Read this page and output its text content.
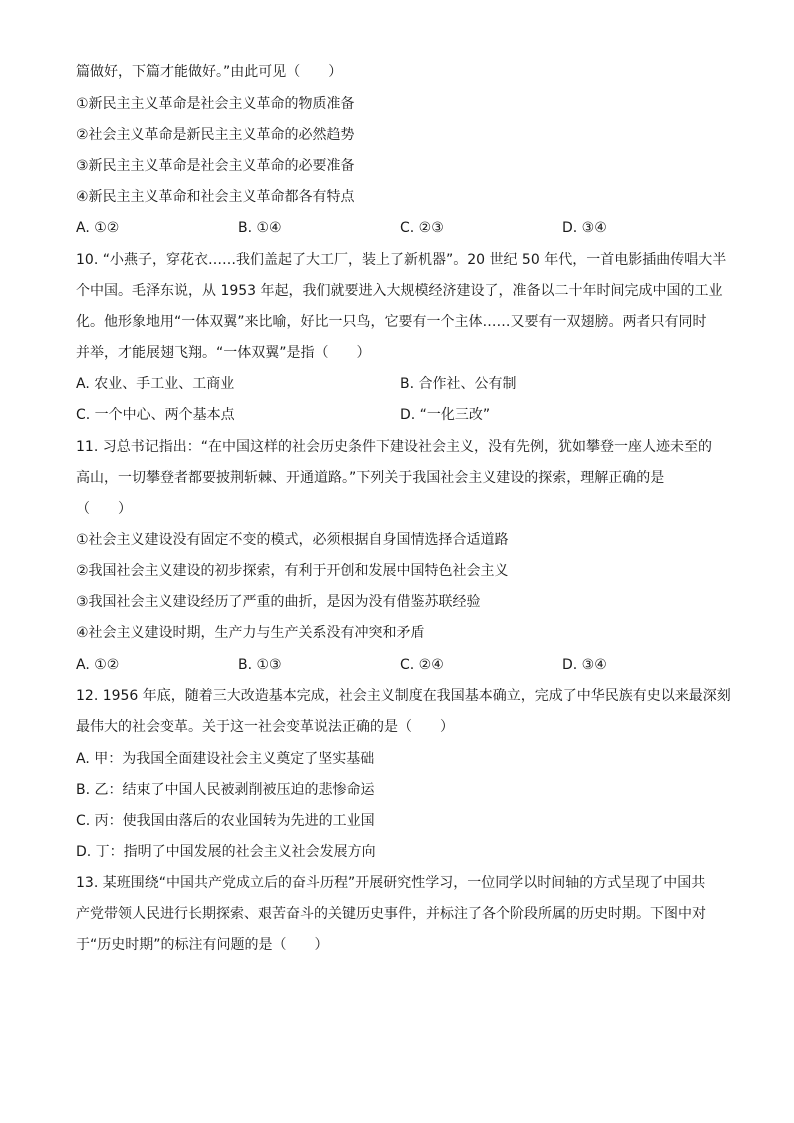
篇做好，下篇才能做好。”由此可见（　　）
①新民主主义革命是社会主义革命的物质准备
②社会主义革命是新民主主义革命的必然趋势
③新民主主义革命是社会主义革命的必要准备
④新民主主义革命和社会主义革命都各有特点
A. ①②	B. ①④	C. ②③	D. ③④
10. “小燕子，穿花衣……我们盖起了大工厂，装上了新机器”。20 世纪 50 年代，一首电影插曲传唱大半
个中国。毛泽东说，从 1953 年起，我们就要进入大规模经济建设了，准备以二十年时间完成中国的工业
化。他形象地用“一体双翼”来比喻，好比一只鸟，它要有一个主体……又要有一双翅膀。两者只有同时
并举，才能展翅飞翔。“一体双翼”是指（　　）
A. 农业、手工业、工商业	B. 合作社、公有制
C. 一个中心、两个基本点	D. “一化三改”
11. 习总书记指出：“在中国这样的社会历史条件下建设社会主义，没有先例，犹如攀登一座人迹未至的
高山，一切攀登者都要披荆斩棘、开通道路。”下列关于我国社会主义建设的探索，理解正确的是
（　　）
①社会主义建设没有固定不变的模式，必须根据自身国情选择合适道路
②我国社会主义建设的初步探索，有利于开创和发展中国特色社会主义
③我国社会主义建设经历了严重的曲折，是因为没有借鉴苏联经验
④社会主义建设时期，生产力与生产关系没有冲突和矛盾
A. ①②	B. ①③	C. ②④	D. ③④
12. 1956 年底，随着三大改造基本完成，社会主义制度在我国基本确立，完成了中华民族有史以来最深刻
最伟大的社会变革。关于这一社会变革说法正确的是（　　）
A. 甲：为我国全面建设社会主义奠定了坚实基础
B. 乙：结束了中国人民被剥削被压迫的悲惨命运
C. 丙：使我国由落后的农业国转为先进的工业国
D. 丁：指明了中国发展的社会主义社会发展方向
13. 某班围绕“中国共产党成立后的奋斗历程”开展研究性学习，一位同学以时间轴的方式呈现了中国共
产党带领人民进行长期探索、艰苦奋斗的关键历史事件，并标注了各个阶段所属的历史时期。下图中对
于“历史时期”的标注有问题的是（　　）
